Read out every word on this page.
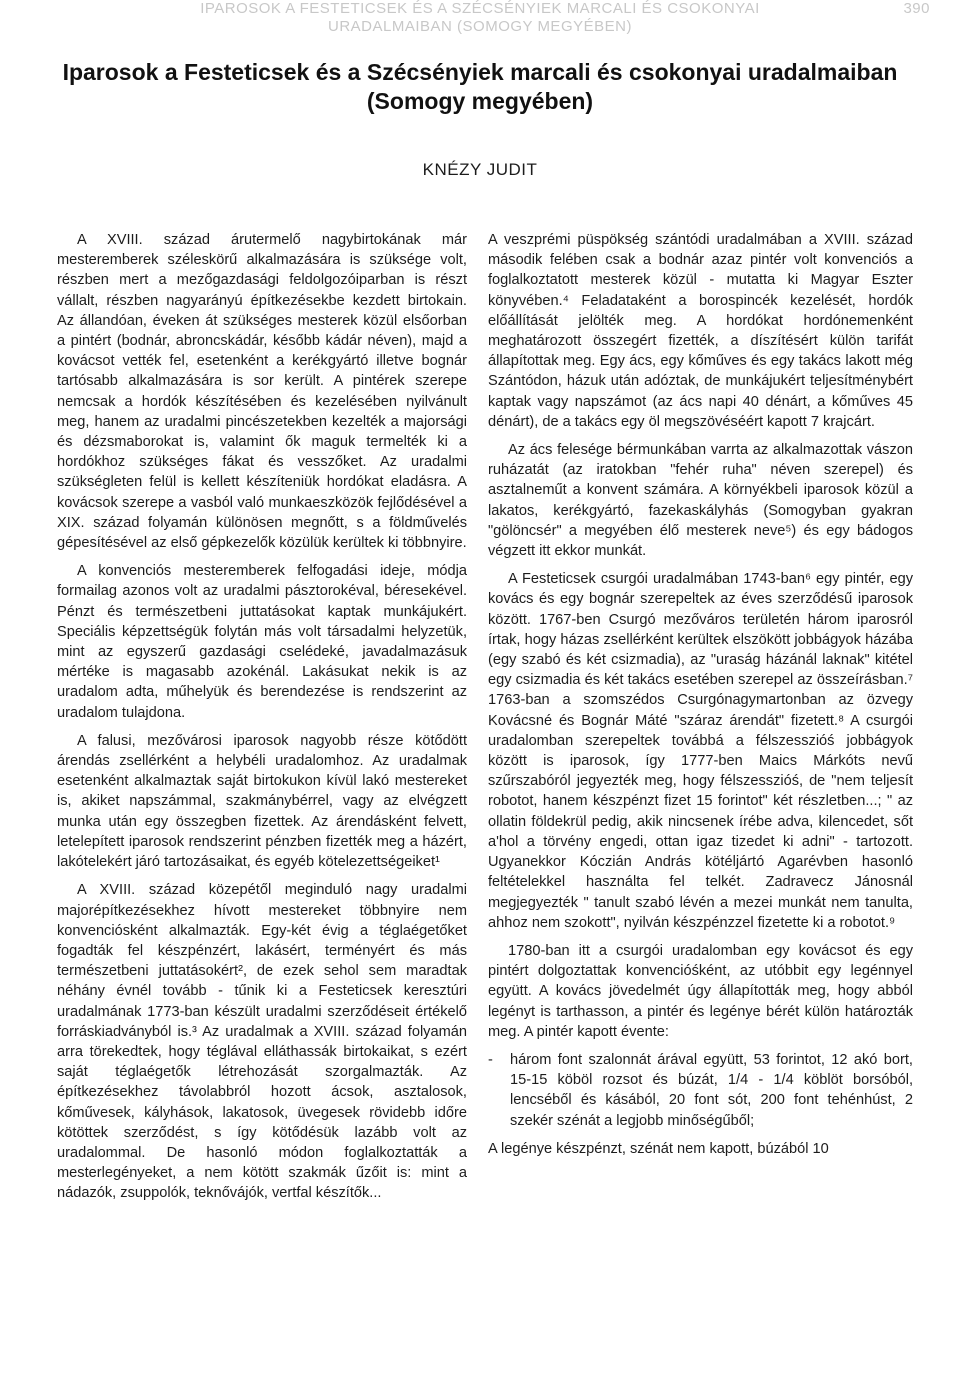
IPAROSOK A FESTETICSEK ÉS A SZÉCSÉNYIEK MARCALI ÉS CSOKONYAI
URADALMAIBAN (SOMOGY MEGYÉBEN)
390
Iparosok a Festeticsek és a Szécsényiek marcali és csokonyai uradalmaiban
(Somogy megyében)
KNÉZY JUDIT

A XVIII. század árutermelő nagybirtokának már mesteremberek széleskörű alkalmazására is szüksége volt, részben mert a mezőgazdasági feldolgozóiparban is részt vállalt, részben nagyarányú építkezésekbe kezdett birtokain. Az állandóan, éveken át szükséges mesterek közül elsőorban a pintért (bodnár, abroncskádár, később kádár néven), majd a kovácsot vették fel, esetenként a kerékgyártó illetve bognár tartósabb alkalmazására is sor került. A pintérek szerepe nemcsak a hordók készítésében és kezelésében nyilvánult meg, hanem az uradalmi pincészetekben kezelték a majorsági és dézsmaborokat is, valamint ők maguk termelték ki a hordókhoz szükséges fákat és vesszőket. Az uradalmi szükségleten felül is kellett készíteniük hordókat eladásra. A kovácsok szerepe a vasból való munkaeszközök fejlődésével a XIX. század folyamán különösen megnőtt, s a földművelés gépesítésével az első gépkezelők közülük kerültek ki többnyire.

A konvenciós mesteremberek felfogadási ideje, módja formailag azonos volt az uradalmi pásztorokéval, béresekével. Pénzt és természetbeni juttatásokat kaptak munkájukért. Speciális képzettségük folytán más volt társadalmi helyzetük, mint az egyszerű gazdasági cselédeké, javadalmazásuk mértéke is magasabb azokénál. Lakásukat nekik is az uradalom adta, műhelyük és berendezése is rendszerint az uradalom tulajdona.

A falusi, mezővárosi iparosok nagyobb része kötődött árendás zsellérként a helybéli uradalomhoz. Az uradalmak esetenként alkalmaztak saját birtokukon kívül lakó mestereket is, akiket napszámmal, szakmánybérrel, vagy az elvégzett munka után egy összegben fizettek. Az árendásként felvett, letelepített iparosok rendszerint pénzben fizették meg a házért, lakótelekért járó tartozásaikat, és egyéb kötelezettségeiket¹

A XVIII. század közepétől meginduló nagy uradalmi majorépítkezésekhez hívott mestereket többnyire nem konvenciósként alkalmazták. Egy-két évig a téglaégetőket fogadták fel készpénzért, lakásért, terményért és más természetbeni juttatásokért², de ezek sehol sem maradtak néhány évnél tovább - tűnik ki a Festeticsek keresztúri uradalmának 1773-ban készült uradalmi szerződéseit értékelő forráskiadványból is.³ Az uradalmak a XVIII. század folyamán arra törekedtek, hogy téglával elláthassák birtokaikat, s ezért saját téglaégetők létrehozását szorgalmazták. Az építkezésekhez távolabbról hozott ácsok, asztalosok, kőművesek, kályhások, lakatosok, üvegesek rövidebb időre kötöttek szerződést, s így kötődésük lazább volt az uradalommal. De hasonló módon foglalkoztatták a mesterlegényeket, a nem kötött szakmák űzőit is: mint a nádazók, zsuppolók, teknővájók, vertfal készítők...

A veszprémi püspökség szántódi uradalmában a XVIII. század második felében csak a bodnár azaz pintér volt konvenciós a foglalkoztatott mesterek közül - mutatta ki Magyar Eszter könyvében.⁴ Feladataként a borospincék kezelését, hordók előállítását jelölték meg. A hordókat hordónemenként meghatározott összegért fizették, a díszítésért külön tarifát állapítottak meg. Egy ács, egy kőműves és egy takács lakott még Szántódon, házuk után adóztak, de munkájukért teljesítménybért kaptak vagy napszámot (az ács napi 40 dénárt, a kőműves 45 dénárt), de a takács egy öl megszövéséért kapott 7 krajcárt.

Az ács felesége bérmunkában varrta az alkalmazottak vászon ruházatát (az iratokban "fehér ruha" néven szerepel) és asztalneműt a konvent számára. A környékbeli iparosok közül a lakatos, kerékgyártó, fazekaskályhás (Somogyban gyakran "gölöncsér" a megyében élő mesterek neve⁵) és egy bádogos végzett itt ekkor munkát.

A Festeticsek csurgói uradalmában 1743-ban⁶ egy pintér, egy kovács és egy bognár szerepeltek az éves szerződésű iparosok között. 1767-ben Csurgó mezőváros területén három iparosról írtak, hogy házas zsellérként kerültek elszökött jobbágyok házába (egy szabó és két csizmadia), az "uraság házánál laknak" kitétel egy csizmadia és két takács esetében szerepel az összeírásban.⁷ 1763-ban a szomszédos Csurgónagymartonban az özvegy Kovácsné és Bognár Máté "száraz árendát" fizetett.⁸ A csurgói uradalomban szerepeltek továbbá a félszesszióś jobbágyok között is iparosok, így 1777-ben Maics Márkóts nevű szűrszabóról jegyezték meg, hogy félszesszióś, de "nem teljesít robotot, hanem készpénzt fizet 15 forintot" két részletben...; " az ollatin földekrül pedig, akik nincsenek írébe adva, kilencedet, sőt a'hol a törvény engedi, ottan igaz tizedet ki adni" - tartozott. Ugyanekkor Kóczián András kötéljártó Agarévben hasonló feltételekkel használta fel telkét. Zadravecz Jánosnál megjegyezték " tanult szabó lévén a mezei munkát nem tanulta, ahhoz nem szokott", nyilván készpénzzel fizetette ki a robotot.⁹

1780-ban itt a csurgói uradalomban egy kovácsot és egy pintért dolgoztattak konvencióśként, az utóbbit egy legénnyel együtt. A kovács jövedelmét úgy állapították meg, hogy abból legényt is tarthasson, a pintér és legénye bérét külön határozták meg. A pintér kapott évente:

-	három font szalonnát árával együtt, 53 forintot, 12 akó bort, 15-15 köböl rozsot és búzát, 1/4 - 1/4 köblöt borsóból, lencséből és kásából, 20 font sót, 200 font tehénhúst, 2 szekér szénát a legjobb minőségűből;

A legénye készpénzt, szénát nem kapott, búzából 10
